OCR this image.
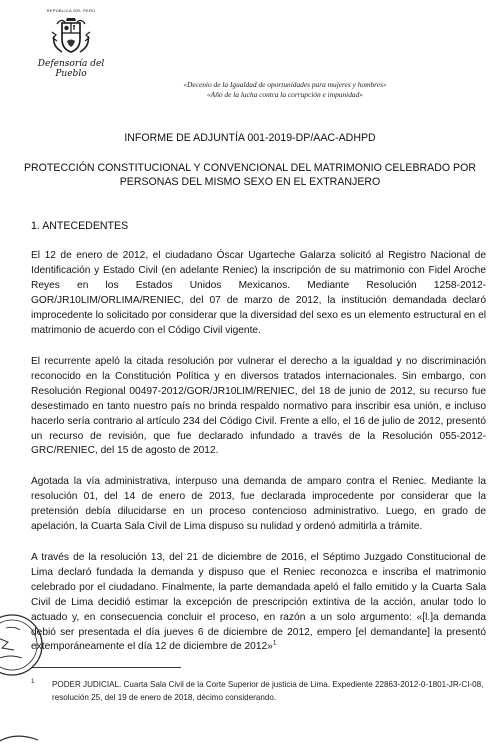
REPÚBLICA DEL PERÚ
Defensoría del Pueblo
«Decenio de la Igualdad de oportunidades para mujeres y hombres»
«Año de la lucha contra la corrupción e impunidad»
INFORME DE ADJUNTÍA 001-2019-DP/AAC-ADHPD
PROTECCIÓN CONSTITUCIONAL Y CONVENCIONAL DEL MATRIMONIO CELEBRADO POR
PERSONAS DEL MISMO SEXO EN EL EXTRANJERO
1. ANTECEDENTES
El 12 de enero de 2012, el ciudadano Óscar Ugarteche Galarza solicitó al Registro Nacional de Identificación y Estado Civil (en adelante Reniec) la inscripción de su matrimonio con Fidel Aroche Reyes en los Estados Unidos Mexicanos. Mediante Resolución 1258-2012-GOR/JR10LIM/ORLIMA/RENIEC, del 07 de marzo de 2012, la institución demandada declaró improcedente lo solicitado por considerar que la diversidad del sexo es un elemento estructural en el matrimonio de acuerdo con el Código Civil vigente.
El recurrente apeló la citada resolución por vulnerar el derecho a la igualdad y no discriminación reconocido en la Constitución Política y en diversos tratados internacionales. Sin embargo, con Resolución Regional 00497-2012/GOR/JR10LIM/RENIEC, del 18 de junio de 2012, su recurso fue desestimado en tanto nuestro país no brinda respaldo normativo para inscribir esa unión, e incluso hacerlo sería contrario al artículo 234 del Código Civil. Frente a ello, el 16 de julio de 2012, presentó un recurso de revisión, que fue declarado infundado a través de la Resolución 055-2012-GRC/RENIEC, del 15 de agosto de 2012.
Agotada la vía administrativa, interpuso una demanda de amparo contra el Reniec. Mediante la resolución 01, del 14 de enero de 2013, fue declarada improcedente por considerar que la pretensión debía dilucidarse en un proceso contencioso administrativo. Luego, en grado de apelación, la Cuarta Sala Civil de Lima dispuso su nulidad y ordenó admitirla a trámite.
A través de la resolución 13, del 21 de diciembre de 2016, el Séptimo Juzgado Constitucional de Lima declaró fundada la demanda y dispuso que el Reniec reconozca e inscriba el matrimonio celebrado por el ciudadano. Finalmente, la parte demandada apeló el fallo emitido y la Cuarta Sala Civil de Lima decidió estimar la excepción de prescripción extintiva de la acción, anular todo lo actuado y, en consecuencia concluir el proceso, en razón a un solo argumento: «[l.]a demanda debió ser presentada el día jueves 6 de diciembre de 2012, empero [el demandante] la presentó extemporáneamente el día 12 de diciembre de 2012»$^1$
1	PODER JUDICIAL. Cuarta Sala Civil de la Corte Superior de justicia de Lima. Expediente 22863-2012-0-1801-JR-CI-08, resolución 25, del 19 de enero de 2018, décimo considerando.
